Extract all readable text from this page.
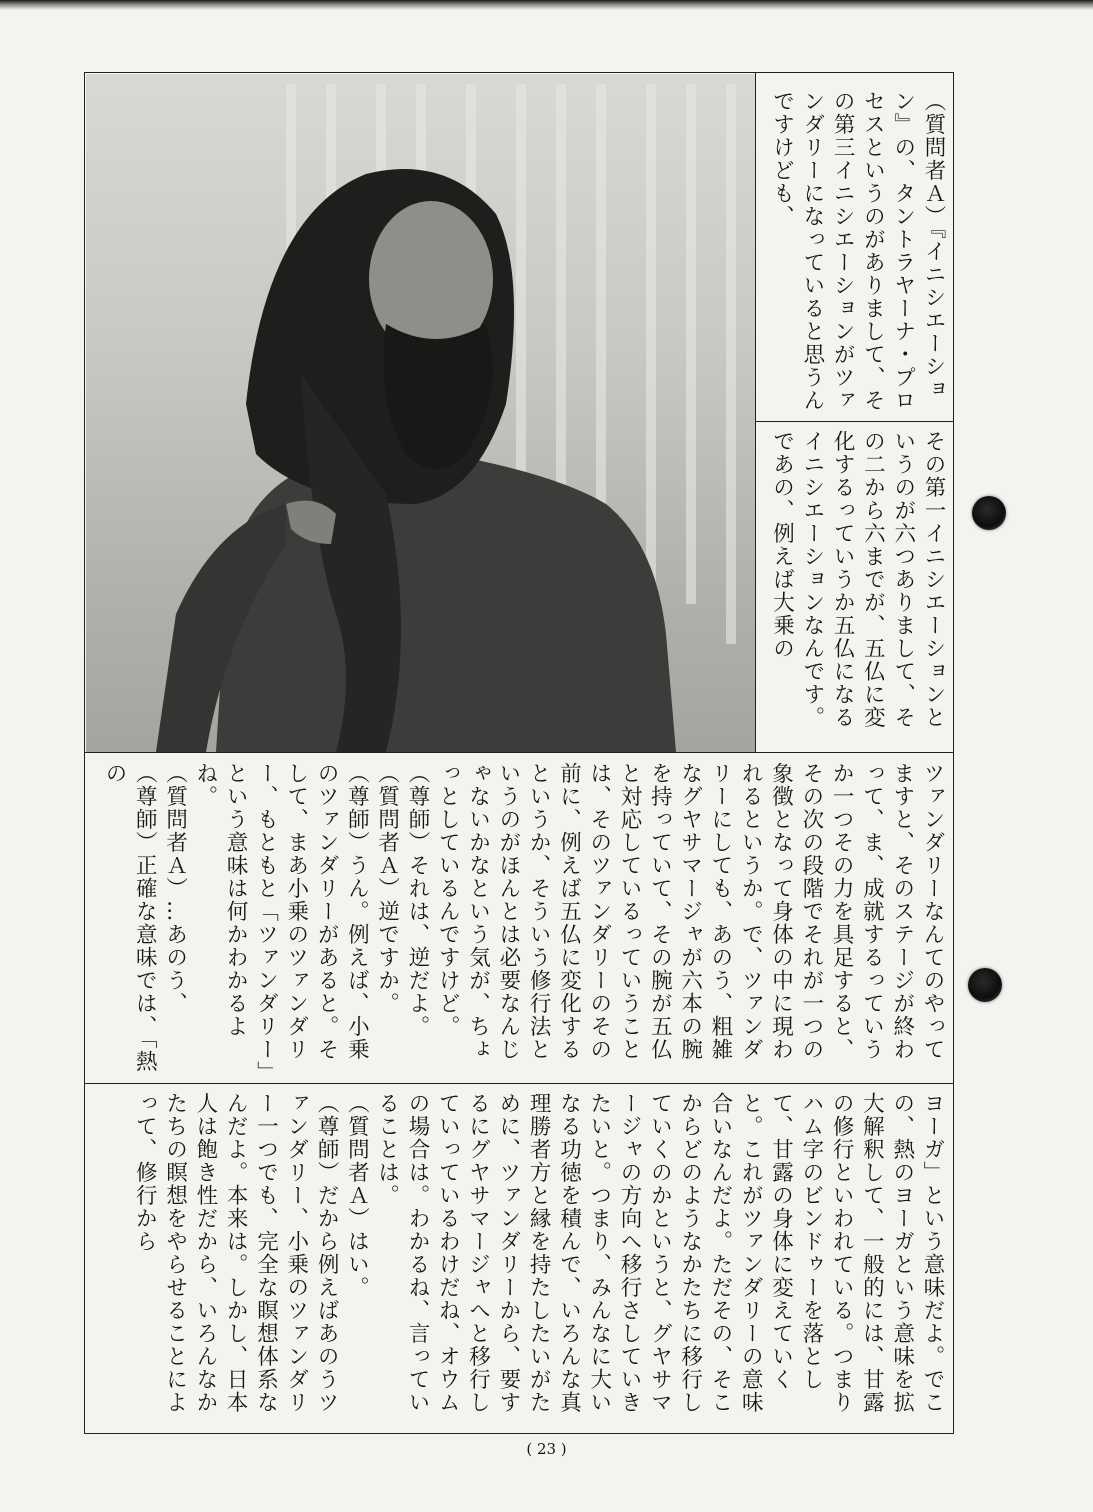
（質問者Ａ）『イニシエーション』の、タントラヤーナ・プロセスというのがありまして、その第三イニシエーションがツァンダリーになっていると思うんですけども、
その第一イニシエーションというのが六つありまして、その二から六までが、五仏に変化するっていうか五仏になるイニシエーションなんです。であの、例えば大乗の
ツァンダリーなんてのやってますと、そのステージが終わって、ま、成就するっていうか一つその力を具足すると、その次の段階でそれが一つの象徴となって身体の中に現われるというか。で、ツァンダリーにしても、あのう、粗雑なグヤサマージャが六本の腕を持っていて、その腕が五仏と対応しているっていうことは、そのツァンダリーのその前に、例えば五仏に変化するというか、そういう修行法というのがほんとは必要なんじゃないかなという気が、ちょっとしているんですけど。
（尊師）それは、逆だよ。
（質問者Ａ）逆ですか。
（尊師）うん。例えば、小乗のツァンダリーがあると。そして、まあ小乗のツァンダリー、もともと「ツァンダリー」という意味は何かわかるよね。
（質問者Ａ）…あのう、
（尊師）正確な意味では、「熱の
ヨーガ」という意味だよ。でこの、熱のヨーガという意味を拡大解釈して、一般的には、甘露の修行といわれている。つまりハム字のビンドゥーを落として、甘露の身体に変えていくと。これがツァンダリーの意味合いなんだよ。ただその、そこからどのようなかたちに移行していくのかというと、グヤサマージャの方向へ移行さしていきたいと。つまり、みんなに大いなる功徳を積んで、いろんな真理勝者方と縁を持たしたいがために、ツァンダリーから、要するにグヤサマージャへと移行していっているわけだね、オウムの場合は。わかるね、言っていることは。
（質問者Ａ）はい。
（尊師）だから例えばあのうツァンダリー、小乗のツァンダリー一つでも、完全な瞑想体系なんだよ。本来は。しかし、日本人は飽き性だから、いろんなかたちの瞑想をやらせることによって、修行から
( 23 )
